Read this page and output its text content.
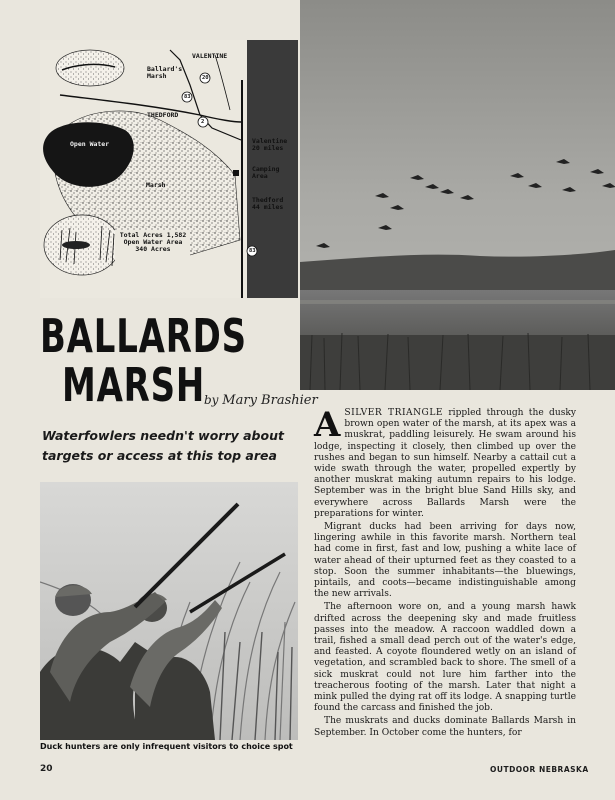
VALENTINE
Ballard's
Marsh	20
83
THEDFORD
2
Open Water
Marsh
Valentine
20 miles
Camping
Area
Thedford
44 miles
83
Total Acres 1,582
Open Water Area
340 Acres
BALLARDS
MARSH
by Mary Brashier
Waterfowlers needn't worry about targets or access at this top area
Duck hunters are only infrequent visitors to choice spot

ASILVER TRIANGLE rippled through the dusky brown open water of the marsh, at its apex was a muskrat, paddling leisurely. He swam around his lodge, inspecting it closely, then climbed up over the rushes and began to sun himself. Nearby a cattail cut a wide swath through the water, propelled expertly by another muskrat making autumn repairs to his lodge. September was in the bright blue Sand Hills sky, and everywhere across Ballards Marsh were the preparations for winter.

Migrant ducks had been arriving for days now, lingering awhile in this favorite marsh. Northern teal had come in first, fast and low, pushing a white lace of water ahead of their upturned feet as they coasted to a stop. Soon the summer inhabitants—the bluewings, pintails, and coots—became indistinguishable among the new arrivals.

The afternoon wore on, and a young marsh hawk drifted across the deepening sky and made fruitless passes into the meadow. A raccoon waddled down a trail, fished a small dead perch out of the water's edge, and feasted. A coyote floundered wetly on an island of vegetation, and scrambled back to shore. The smell of a sick muskrat could not lure him farther into the treacherous footing of the marsh. Later that night a mink pulled the dying rat off its lodge. A snapping turtle found the carcass and finished the job.

The muskrats and ducks dominate Ballards Marsh in September. In October come the hunters, for

20	OUTDOOR NEBRASKA
